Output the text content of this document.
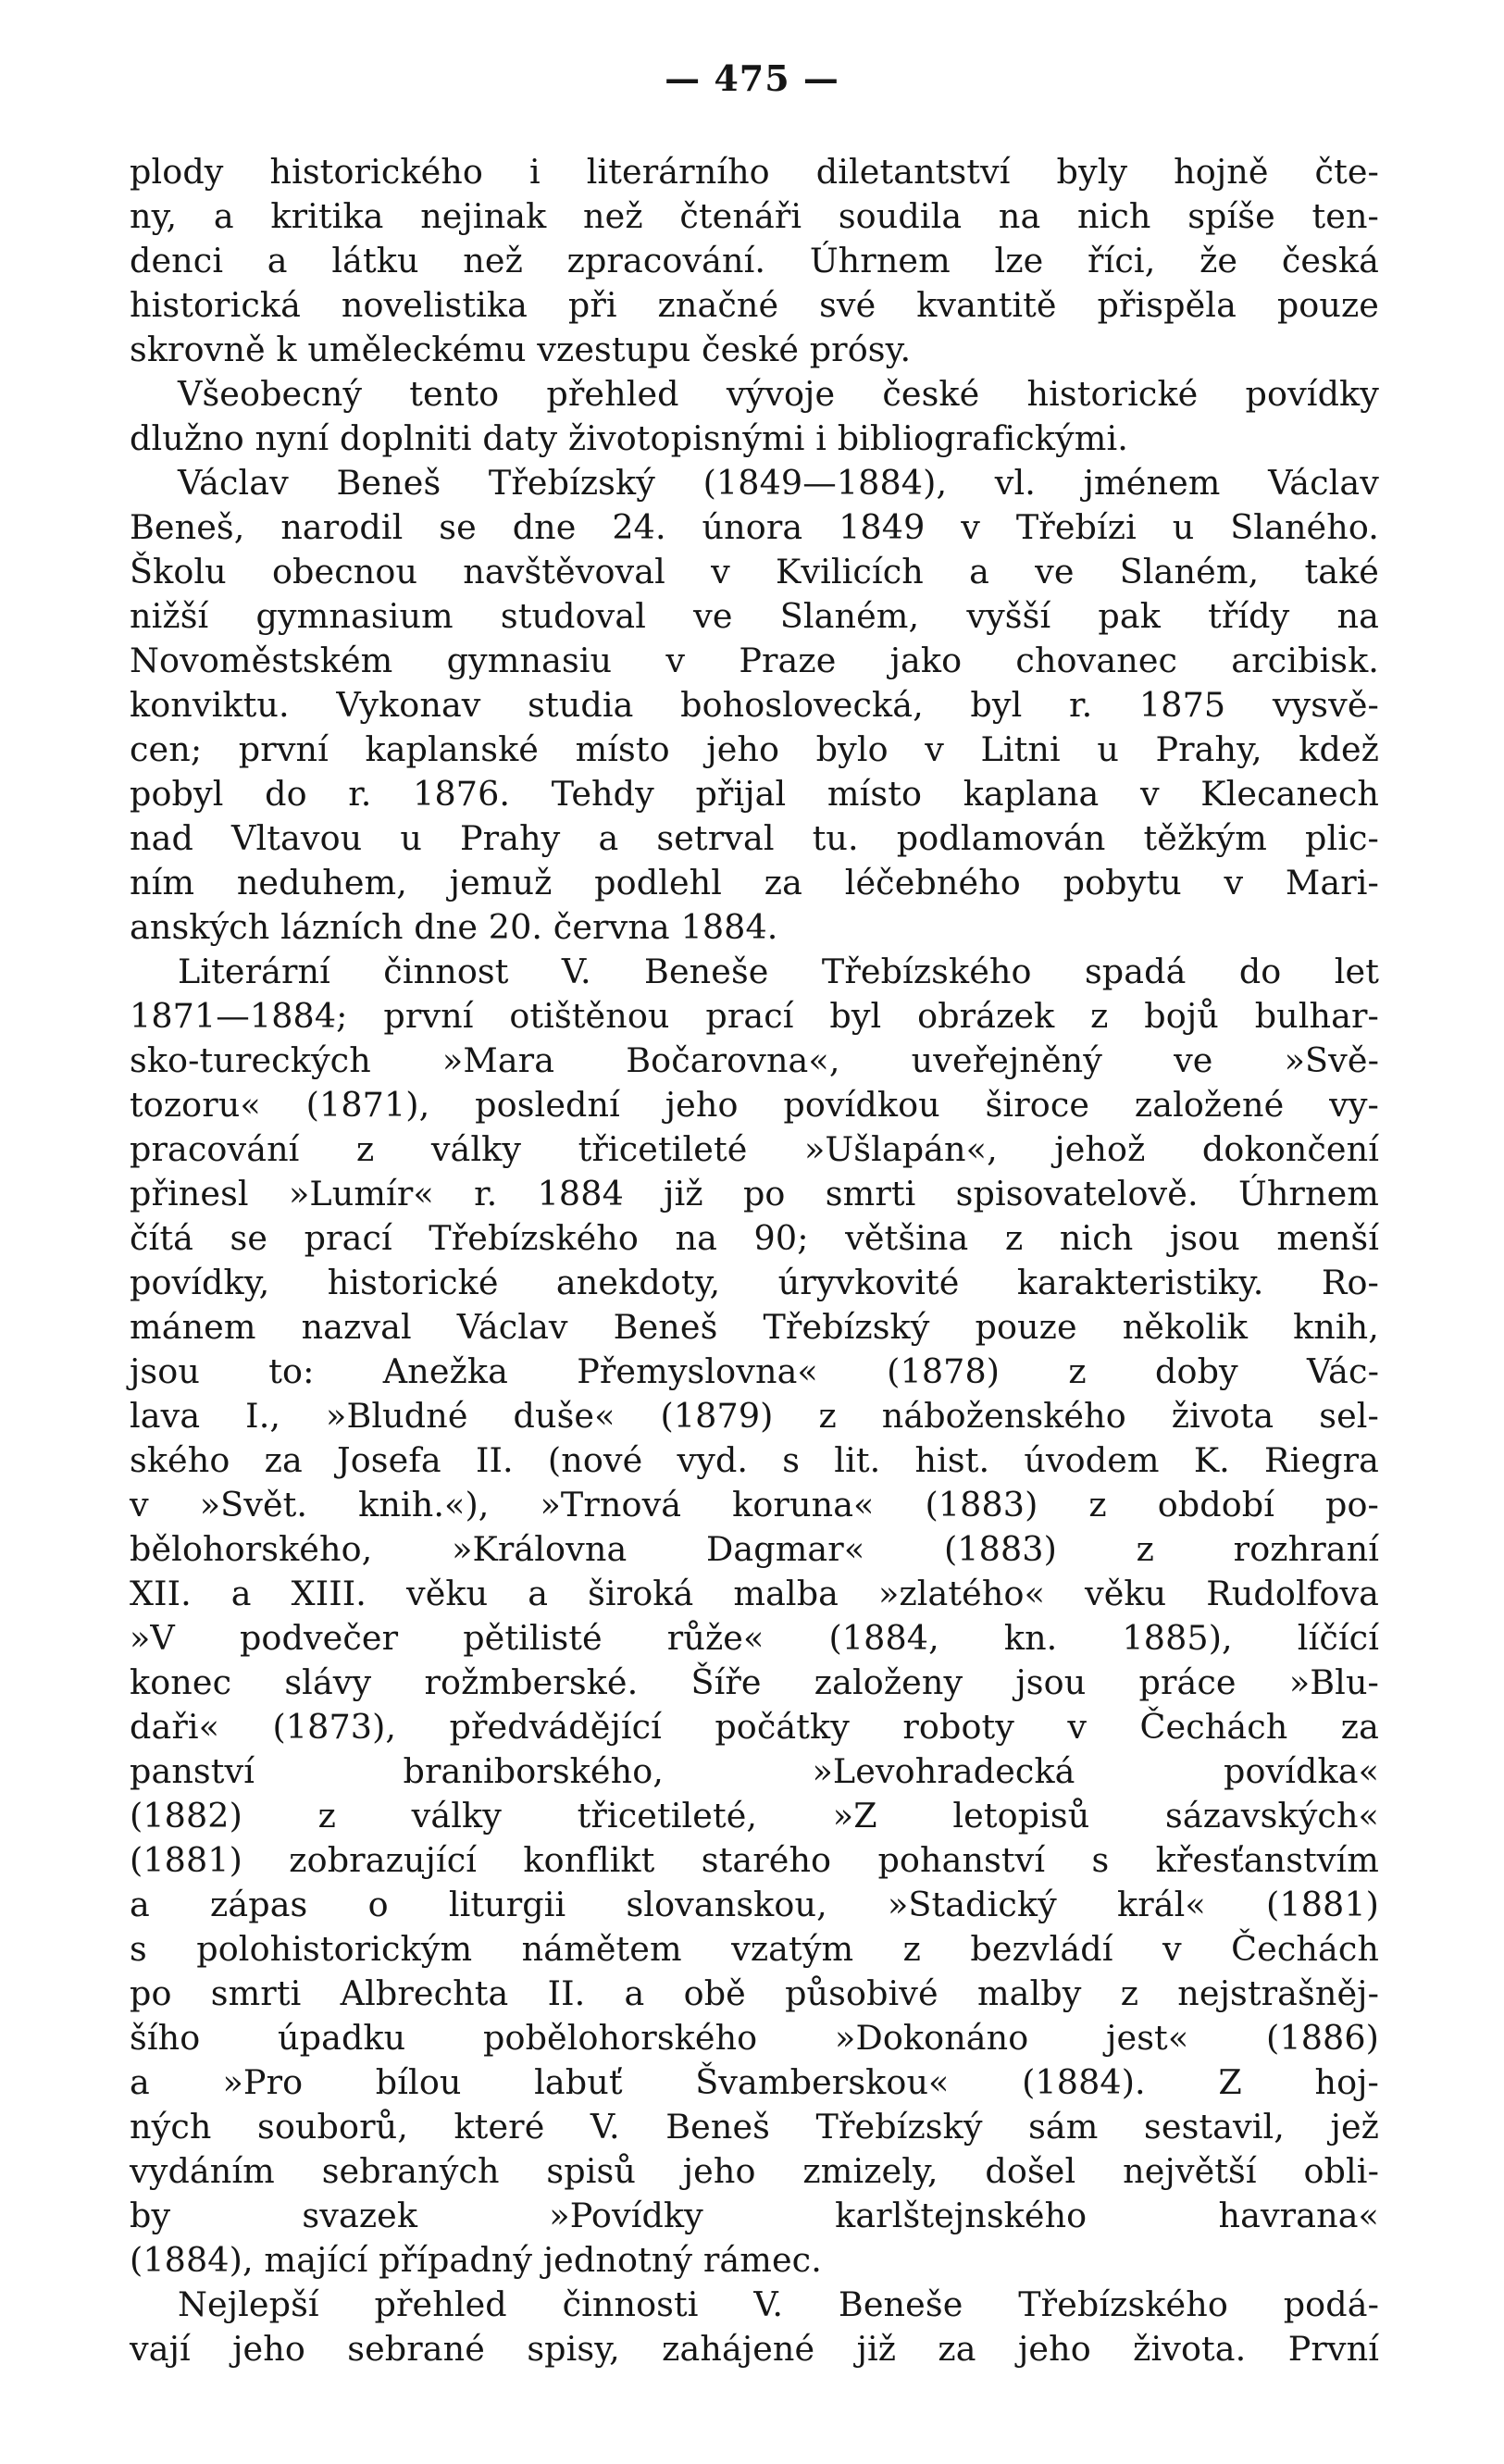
— 475 —
plody historického i literárního diletantství byly hojně čte-
ny, a kritika nejinak než čtenáři soudila na nich spíše ten-
denci a látku než zpracování. Úhrnem lze říci, že česká
historická novelistika při značné své kvantitě přispěla pouze
skrovně k uměleckému vzestupu české prósy.
Všeobecný tento přehled vývoje české historické povídky
dlužno nyní doplniti daty životopisnými i bibliografickými.
Václav Beneš Třebízský (1849—1884), vl. jménem Václav
Beneš, narodil se dne 24. února 1849 v Třebízi u Slaného.
Školu obecnou navštěvoval v Kvilicích a ve Slaném, také
nižší gymnasium studoval ve Slaném, vyšší pak třídy na
Novoměstském gymnasiu v Praze jako chovanec arcibisk.
konviktu. Vykonav studia bohoslovecká, byl r. 1875 vysvě-
cen; první kaplanské místo jeho bylo v Litni u Prahy, kdež
pobyl do r. 1876. Tehdy přijal místo kaplana v Klecanech
nad Vltavou u Prahy a setrval tu. podlamován těžkým plic-
ním neduhem, jemuž podlehl za léčebného pobytu v Mari-
anských lázních dne 20. června 1884.
Literární činnost V. Beneše Třebízského spadá do let
1871—1884; první otištěnou prací byl obrázek z bojů bulhar-
sko-tureckých »Mara Bočarovna«, uveřejněný ve »Svě-
tozoru« (1871), poslední jeho povídkou široce založené vy-
pracování z války třicetileté »Ušlapán«, jehož dokončení
přinesl »Lumír« r. 1884 již po smrti spisovatelově. Úhrnem
čítá se prací Třebízského na 90; většina z nich jsou menší
povídky, historické anekdoty, úryvkovité karakteristiky. Ro-
mánem nazval Václav Beneš Třebízský pouze několik knih,
jsou to: Anežka Přemyslovna« (1878) z doby Vác-
lava I., »Bludné duše« (1879) z náboženského života sel-
ského za Josefa II. (nové vyd. s lit. hist. úvodem K. Riegra
v »Svět. knih.«), »Trnová koruna« (1883) z období po-
bělohorského, »Královna Dagmar« (1883) z rozhraní
XII. a XIII. věku a široká malba »zlatého« věku Rudolfova
»V podvečer pětilisté růže« (1884, kn. 1885), líčící
konec slávy rožmberské. Šíře založeny jsou práce »Blu-
daři« (1873), předvádějící počátky roboty v Čechách za
panství braniborského, »Levohradecká povídka«
(1882) z války třicetileté, »Z letopisů sázavských«
(1881) zobrazující konflikt starého pohanství s křesťanstvím
a zápas o liturgii slovanskou, »Stadický král« (1881)
s polohistorickým námětem vzatým z bezvládí v Čechách
po smrti Albrechta II. a obě působivé malby z nejstrašněj-
šího úpadku pobělohorského »Dokonáno jest« (1886)
a »Pro bílou labuť Švamberskou« (1884). Z hoj-
ných souborů, které V. Beneš Třebízský sám sestavil, jež
vydáním sebraných spisů jeho zmizely, došel největší obli-
by svazek »Povídky karlštejnského havrana«
(1884), mající případný jednotný rámec.
Nejlepší přehled činnosti V. Beneše Třebízského podá-
vají jeho sebrané spisy, zahájené již za jeho života. První
